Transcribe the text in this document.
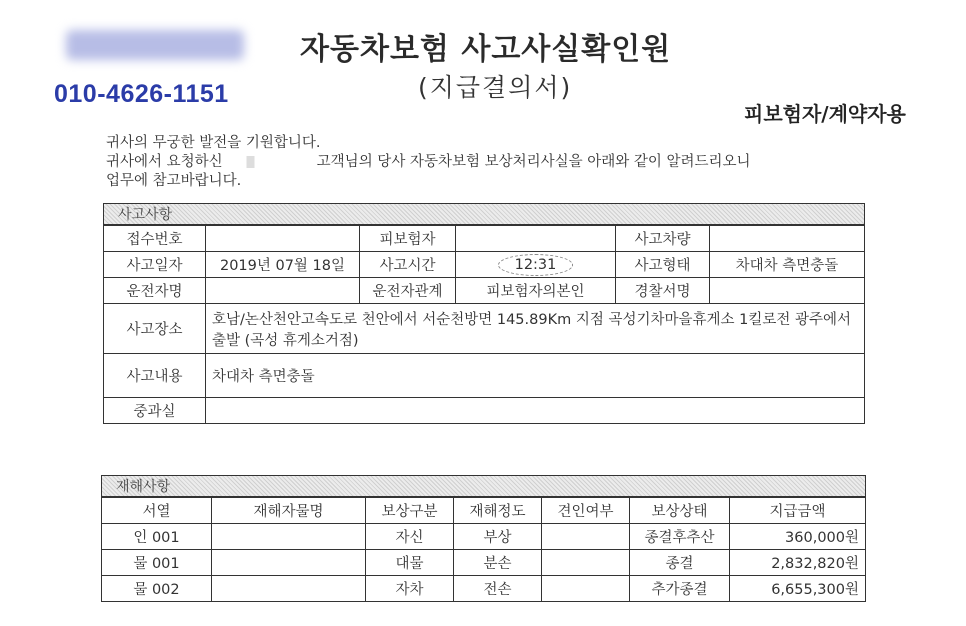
010-4626-1151
자동차보험 사고사실확인원
(지급결의서)
피보험자/계약자용
귀사의 무궁한 발전을 기원합니다.
귀사에서 요청하신	고객님의 당사 자동차보험 보상처리사실을 아래와 같이 알려드리오니
업무에 참고바랍니다.
사고사항
접수번호		피보험자		사고차량	
사고일자	2019년 07월 18일	사고시간	12:31	사고형태	차대차 측면충돌
운전자명		운전자관계	피보험자의본인	경찰서명	
사고장소	호남/논산천안고속도로 천안에서 서순천방면 145.89Km 지점 곡성기차마을휴게소 1킬로전 광주에서출발 (곡성 휴게소거점)				
사고내용	차대차 측면충돌				
중과실					
재해사항
서열	재해자물명	보상구분	재해정도	견인여부	보상상태	지급금액
인 001		자신	부상		종결후추산	360,000원
물 001		대물	분손		종결	2,832,820원
물 002		자차	전손		추가종결	6,655,300원
